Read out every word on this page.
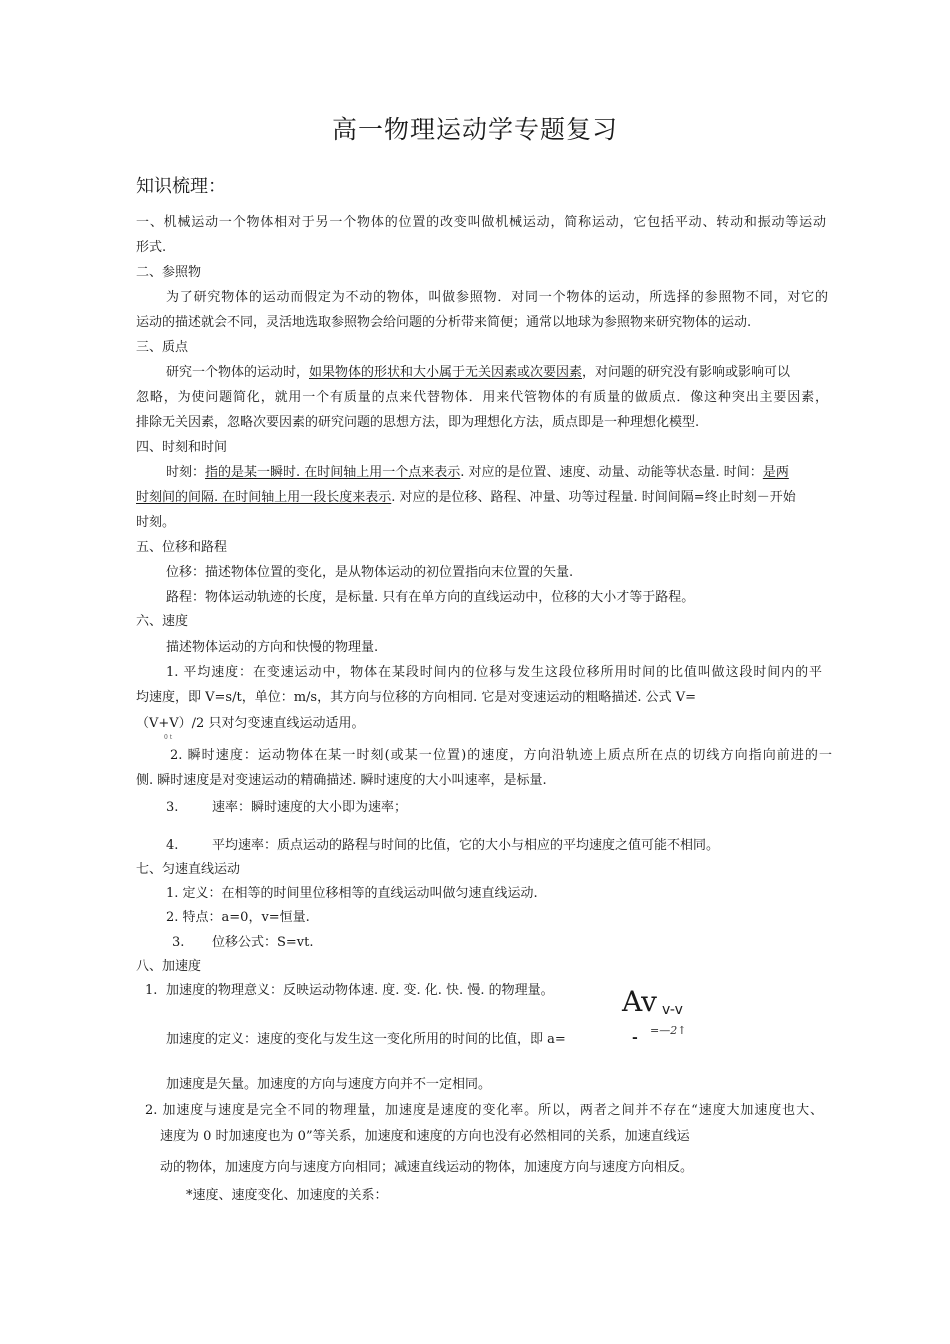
高一物理运动学专题复习
知识梳理：
一、机械运动一个物体相对于另一个物体的位置的改变叫做机械运动，简称运动，它包括平动、转动和振动等运动
形式.
二、参照物
为了研究物体的运动而假定为不动的物体，叫做参照物．对同一个物体的运动，所选择的参照物不同，对它的
运动的描述就会不同，灵活地选取参照物会给问题的分析带来简便；通常以地球为参照物来研究物体的运动.
三、质点
研究一个物体的运动时，如果物体的形状和大小属于无关因素或次要因素，对问题的研究没有影响或影响可以
忽略，为使问题简化，就用一个有质量的点来代替物体．用来代管物体的有质量的做质点．像这种突出主要因素，
排除无关因素，忽略次要因素的研究问题的思想方法，即为理想化方法，质点即是一种理想化模型.
四、时刻和时间
时刻：指的是某一瞬时. 在时间轴上用一个点来表示. 对应的是位置、速度、动量、动能等状态量. 时间：是两
时刻间的间隔. 在时间轴上用一段长度来表示. 对应的是位移、路程、冲量、功等过程量. 时间间隔=终止时刻－开始
时刻。
五、位移和路程
位移：描述物体位置的变化，是从物体运动的初位置指向末位置的矢量.
路程：物体运动轨迹的长度，是标量. 只有在单方向的直线运动中，位移的大小才等于路程。
六、速度
描述物体运动的方向和快慢的物理量.
1. 平均速度：在变速运动中，物体在某段时间内的位移与发生这段位移所用时间的比值叫做这段时间内的平
均速度，即 V=s/t，单位：m/s，其方向与位移的方向相同. 它是对变速运动的粗略描述. 公式 V=
（V+V）/2 只对匀变速直线运动适用。
0 t
2. 瞬时速度：运动物体在某一时刻(或某一位置)的速度，方向沿轨迹上质点所在点的切线方向指向前进的一
侧. 瞬时速度是对变速运动的精确描述. 瞬时速度的大小叫速率，是标量.
3.	速率：瞬时速度的大小即为速率；
4.	平均速率：质点运动的路程与时间的比值，它的大小与相应的平均速度之值可能不相同。
七、匀速直线运动
1. 定义：在相等的时间里位移相等的直线运动叫做匀速直线运动.
2. 特点：a=0，v=恒量.
3. 位移公式：S=vt.
八、加速度
1. 加速度的物理意义：反映运动物体速. 度. 变. 化. 快. 慢. 的物理量。 Av v-v
=—2↑
-
加速度的定义：速度的变化与发生这一变化所用的时间的比值，即 a=
加速度是矢量。加速度的方向与速度方向并不一定相同。
2. 加速度与速度是完全不同的物理量，加速度是速度的变化率。所以，两者之间并不存在“速度大加速度也大、
速度为 0 时加速度也为 0”等关系，加速度和速度的方向也没有必然相同的关系，加速直线运
动的物体，加速度方向与速度方向相同；减速直线运动的物体，加速度方向与速度方向相反。
*速度、速度变化、加速度的关系：
